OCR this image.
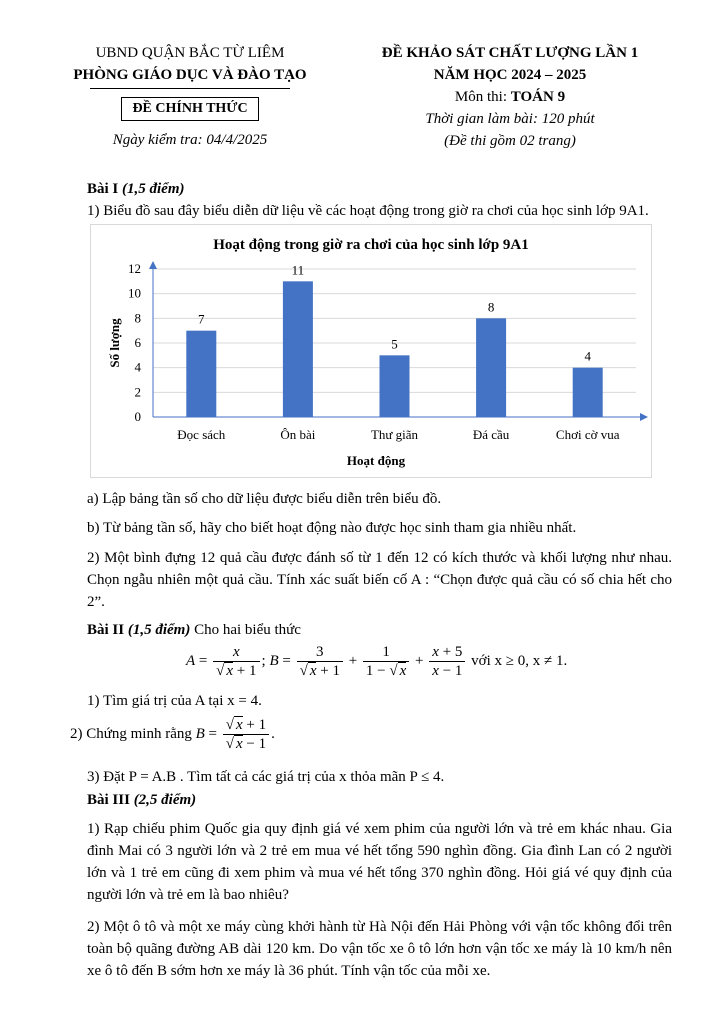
UBND QUẬN BẮC TỪ LIÊM
PHÒNG GIÁO DỤC VÀ ĐÀO TẠO
ĐỀ CHÍNH THỨC
Ngày kiểm tra: 04/4/2025
ĐỀ KHẢO SÁT CHẤT LƯỢNG LẦN 1
NĂM HỌC 2024 – 2025
Môn thi: TOÁN 9
Thời gian làm bài: 120 phút
(Đề thi gồm 02 trang)
Bài I (1,5 điểm)
1) Biểu đồ sau đây biểu diễn dữ liệu về các hoạt động trong giờ ra chơi của học sinh lớp 9A1.
Hoạt động trong giờ ra chơi của học sinh lớp 9A1
Số lượng
Hoạt động
0
2
4
6
8
10
12
7
Đọc sách
11
Ôn bài
5
Thư giãn
8
Đá cầu
4
Chơi cờ vua
a) Lập bảng tần số cho dữ liệu được biểu diễn trên biểu đồ.
b) Từ bảng tần số, hãy cho biết hoạt động nào được học sinh tham gia nhiều nhất.
2) Một bình đựng 12 quả cầu được đánh số từ 1 đến 12 có kích thước và khối lượng như nhau. Chọn ngẫu nhiên một quả cầu. Tính xác suất biến cố A : “Chọn được quả cầu có số chia hết cho 2”.
Bài II (1,5 điểm) Cho hai biểu thức
$A = \frac{x}{√ x + 1}$ ; $B = \frac{3}{√ x + 1} + \frac{1}{1 - √ x} + \frac{x + 5}{x - 1}$ với x ≥ 0, x ≠ 1.
1) Tìm giá trị của A tại x = 4.
2) Chứng minh rằng $B = \frac{√ x + 1}{√ x - 1}$ .
3) Đặt P = A.B . Tìm tất cả các giá trị của x thỏa mãn P ≤ 4.
Bài III (2,5 điểm)
1) Rạp chiếu phim Quốc gia quy định giá vé xem phim của người lớn và trẻ em khác nhau. Gia đình Mai có 3 người lớn và 2 trẻ em mua vé hết tổng 590 nghìn đồng. Gia đình Lan có 2 người lớn và 1 trẻ em cũng đi xem phim và mua vé hết tổng 370 nghìn đồng. Hỏi giá vé quy định của người lớn và trẻ em là bao nhiêu?
2) Một ô tô và một xe máy cùng khởi hành từ Hà Nội đến Hải Phòng với vận tốc không đổi trên toàn bộ quãng đường AB dài 120 km. Do vận tốc xe ô tô lớn hơn vận tốc xe máy là 10 km/h nên xe ô tô đến B sớm hơn xe máy là 36 phút. Tính vận tốc của mỗi xe.
